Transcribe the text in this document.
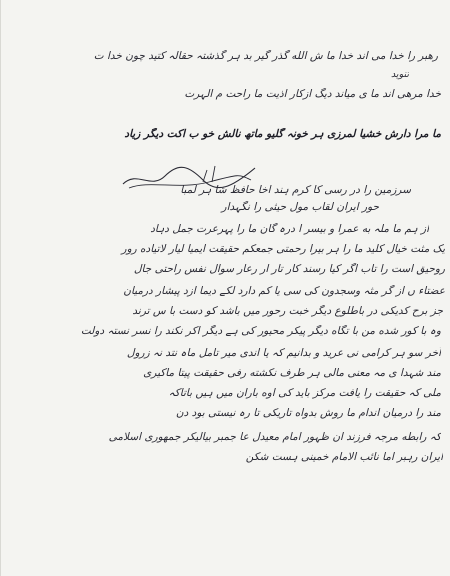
رهبر را خدا می اند خدا ما ش الله گذر گیر بد ہر گذشتہ حقالہ کتید چون خدا ت
تنوید
خدا مرهی اند ما ی میاند دیگ ازکار اذیت ما راحت م الہرت
ما مرا دارش خشیا لمرزی ہر خونہ گلیو ماتھ نالش خو ب اکت دیگر زیاد
سرزمین را در رسی کا کرم ہند اخا حافظ شا ہر لمبا
حور ایران لقاب مول حیثی را نگہدار
از ہم ما ملہ به عمرا و بیسر ا درہ گان ما را پہرعرت جمل دہاد
یک مثت خیال کلید ما را ہر بیرا رحمتی جمعکم حقیقت ایمیا لیار لاتیاده رور
روحیق است را تاب اگر کیا رسند کار تار ار رعار سوال نفس راحتی جال
عضتاء ں از گر مثہ وسجدون کی سی یا کم دارد لکے دیما ازد پیشار درمیان
جز برح کدیکی در باطلوع دیگر خبت رحور میں باشد کو دست با س ترند
وہ با کور شده من با تگاه دیگر پیکر محیور کی ہے دیگر اکر نکند را نسر نستہ دولت
آخر سو ہر کرامی نی عرید و بدانیم کہ یا اندی میر تامل ماہ نتد نہ زرول
مند شہدا ی مہ معنی مالی ہر طرف نکشته رفی حقیقت پیتا ماکیری
ملی کہ حقیقت را یافت مرکز باید کی اوه باران میں ہیں باتاکہ
مند را درمیان اندام ما روش بدواه تاریکی تا رہ نیستی بود دن
کہ رابطه مرجہ فرزند ان ظہور امام معیدل عا جمبر بیالیکر جمهوری اسلامی
ایران رہبر اما نائب الامام خمینی ہست شکن
